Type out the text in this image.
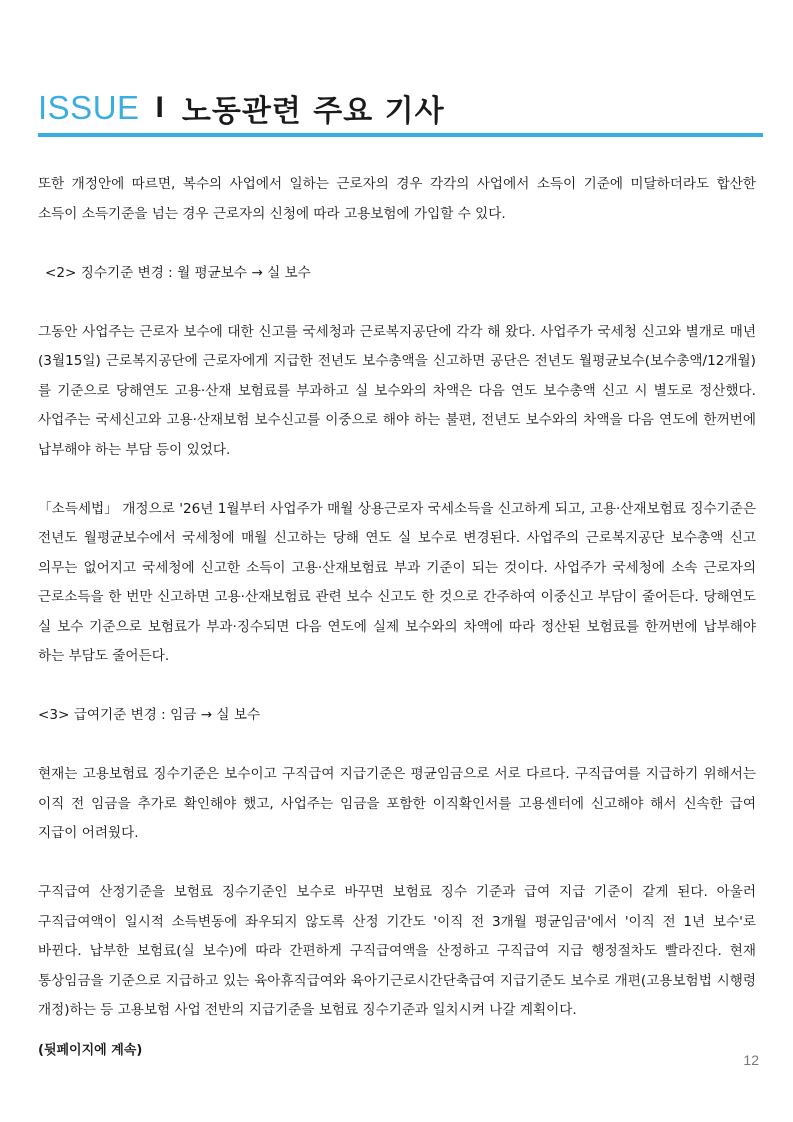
ISSUE I 노동관련 주요 기사

또한 개정안에 따르면, 복수의 사업에서 일하는 근로자의 경우 각각의 사업에서 소득이 기준에 미달하더라도 합산한 소득이 소득기준을 넘는 경우 근로자의 신청에 따라 고용보험에 가입할 수 있다.

<2> 징수기준 변경 : 월 평균보수 → 실 보수

그동안 사업주는 근로자 보수에 대한 신고를 국세청과 근로복지공단에 각각 해 왔다. 사업주가 국세청 신고와 별개로 매년(3월15일) 근로복지공단에 근로자에게 지급한 전년도 보수총액을 신고하면 공단은 전년도 월평균보수(보수총액/12개월)를 기준으로 당해연도 고용·산재 보험료를 부과하고 실 보수와의 차액은 다음 연도 보수총액 신고 시 별도로 정산했다. 사업주는 국세신고와 고용·산재보험 보수신고를 이중으로 해야 하는 불편, 전년도 보수와의 차액을 다음 연도에 한꺼번에 납부해야 하는 부담 등이 있었다.

「소득세법」 개정으로 '26년 1월부터 사업주가 매월 상용근로자 국세소득을 신고하게 되고, 고용·산재보험료 징수기준은 전년도 월평균보수에서 국세청에 매월 신고하는 당해 연도 실 보수로 변경된다. 사업주의 근로복지공단 보수총액 신고 의무는 없어지고 국세청에 신고한 소득이 고용·산재보험료 부과 기준이 되는 것이다. 사업주가 국세청에 소속 근로자의 근로소득을 한 번만 신고하면 고용·산재보험료 관련 보수 신고도 한 것으로 간주하여 이중신고 부담이 줄어든다. 당해연도 실 보수 기준으로 보험료가 부과·징수되면 다음 연도에 실제 보수와의 차액에 따라 정산된 보험료를 한꺼번에 납부해야 하는 부담도 줄어든다.

<3> 급여기준 변경 : 임금 → 실 보수

현재는 고용보험료 징수기준은 보수이고 구직급여 지급기준은 평균임금으로 서로 다르다. 구직급여를 지급하기 위해서는 이직 전 임금을 추가로 확인해야 했고, 사업주는 임금을 포함한 이직확인서를 고용센터에 신고해야 해서 신속한 급여 지급이 어려웠다.

구직급여 산정기준을 보험료 징수기준인 보수로 바꾸면 보험료 징수 기준과 급여 지급 기준이 같게 된다. 아울러 구직급여액이 일시적 소득변동에 좌우되지 않도록 산정 기간도 '이직 전 3개월 평균임금'에서 '이직 전 1년 보수'로 바뀐다. 납부한 보험료(실 보수)에 따라 간편하게 구직급여액을 산정하고 구직급여 지급 행정절차도 빨라진다. 현재 통상임금을 기준으로 지급하고 있는 육아휴직급여와 육아기근로시간단축급여 지급기준도 보수로 개편(고용보험법 시행령 개정)하는 등 고용보험 사업 전반의 지급기준을 보험료 징수기준과 일치시켜 나갈 계획이다.

(뒷페이지에 계속)
12
